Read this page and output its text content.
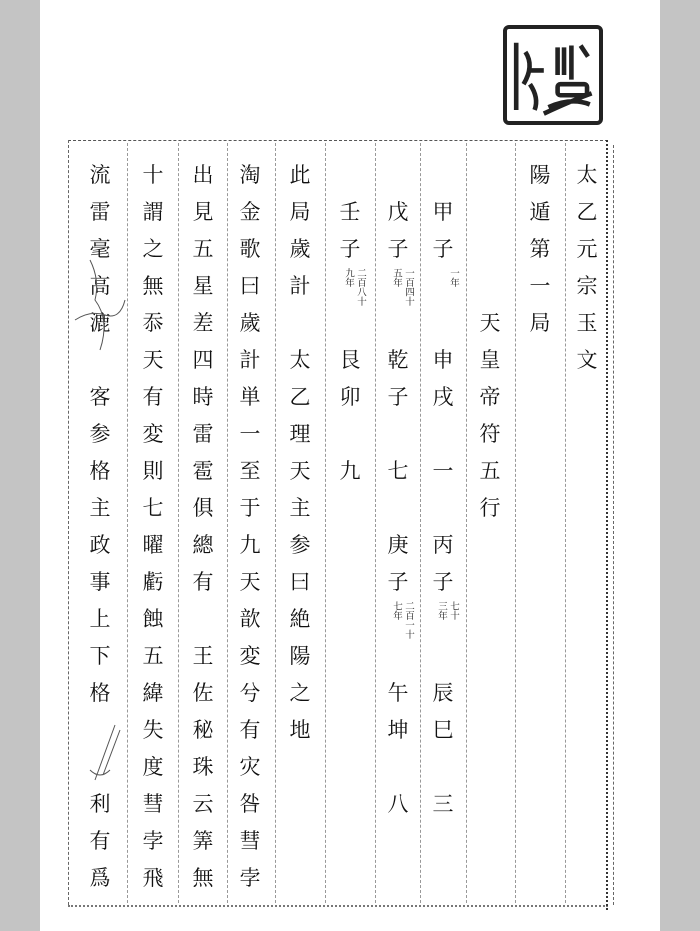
太
乙
元
宗
玉
文
陽
遁
第
一
局
天
皇
帝
符
五
行
甲
子
一年
申
戌
一
丙
子
七十三年
辰
巳
三
戊
子
一百四十五年
乾
子
七
庚
子
二百一十七年
午
坤
八
壬
子
二百八十九年
艮
卯
九
此
局
歲
計
太
乙
理
天
主
参
曰
絶
陽
之
地
淘
金
歌
曰
歲
計
単
一
至
于
九
天
歆
変
兮
有
灾
咎
彗
孛
出
見
五
星
差
四
時
雷
雹
俱
總
有
王
佐
秘
珠
云
筭
無
十
謂
之
無
忝
天
有
変
則
七
曜
虧
蝕
五
緯
失
度
彗
孛
飛
流
雷
毫
高
漉
客
参
格
主
政
事
上
下
格
利
有
爲
